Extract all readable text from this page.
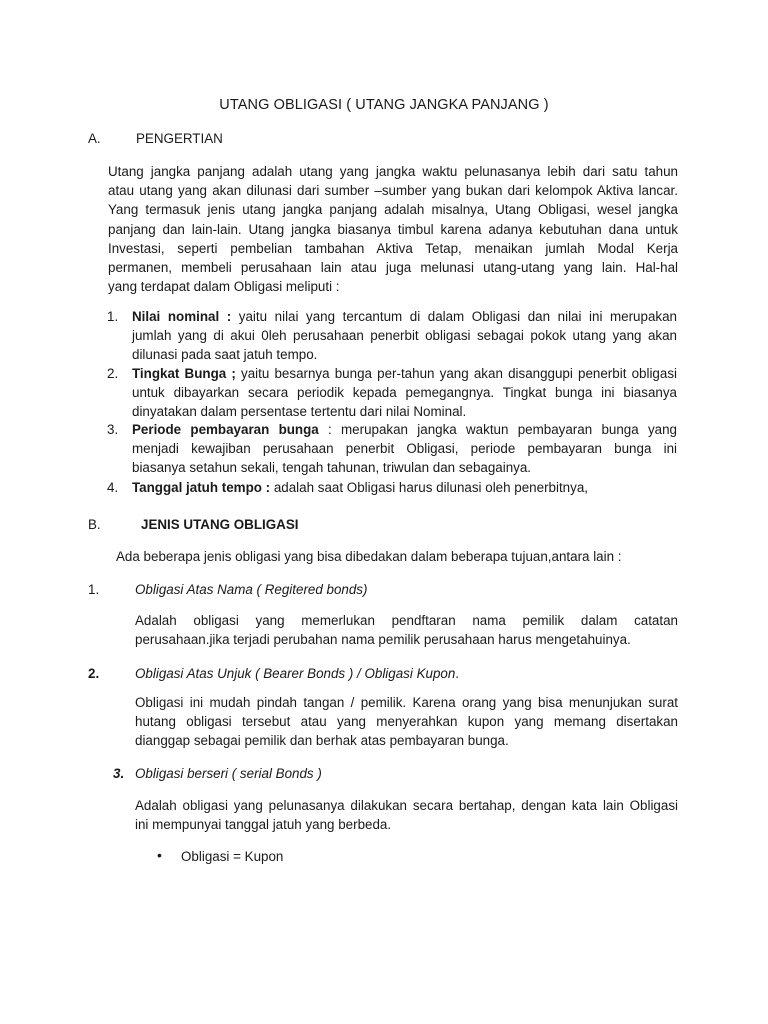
UTANG OBLIGASI ( UTANG JANGKA PANJANG )
A.	PENGERTIAN
Utang jangka panjang adalah utang yang jangka waktu pelunasanya lebih dari satu tahun
atau utang yang akan dilunasi dari sumber –sumber yang bukan dari kelompok Aktiva lancar.
Yang termasuk jenis utang jangka panjang adalah misalnya, Utang Obligasi, wesel jangka
panjang dan lain-lain. Utang jangka biasanya timbul karena adanya kebutuhan dana untuk
Investasi, seperti pembelian tambahan Aktiva Tetap, menaikan jumlah Modal Kerja
permanen, membeli perusahaan lain atau juga melunasi utang-utang yang lain. Hal-hal
yang terdapat dalam Obligasi meliputi :
1. Nilai nominal : yaitu nilai yang tercantum di dalam Obligasi dan nilai ini merupakan
jumlah yang di akui 0leh perusahaan penerbit obligasi sebagai pokok utang yang akan
dilunasi pada saat jatuh tempo.
2. Tingkat Bunga ; yaitu besarnya bunga per-tahun yang akan disanggupi penerbit obligasi
untuk dibayarkan secara periodik kepada pemegangnya. Tingkat bunga ini biasanya
dinyatakan dalam persentase tertentu dari nilai Nominal.
3. Periode pembayaran bunga : merupakan jangka waktun pembayaran bunga yang
menjadi kewajiban perusahaan penerbit Obligasi, periode pembayaran bunga ini
biasanya setahun sekali, tengah tahunan, triwulan dan sebagainya.
4. Tanggal jatuh tempo : adalah saat Obligasi harus dilunasi oleh penerbitnya,
B.	JENIS UTANG OBLIGASI
Ada beberapa jenis obligasi yang bisa dibedakan dalam beberapa tujuan,antara lain :
1.	Obligasi Atas Nama ( Regitered bonds)
Adalah obligasi yang memerlukan pendftaran nama pemilik dalam catatan
perusahaan.jika terjadi perubahan nama pemilik perusahaan harus mengetahuinya.
2.	Obligasi Atas Unjuk ( Bearer Bonds ) / Obligasi Kupon.
Obligasi ini mudah pindah tangan / pemilik. Karena orang yang bisa menunjukan surat
hutang obligasi tersebut atau yang menyerahkan kupon yang memang disertakan
dianggap sebagai pemilik dan berhak atas pembayaran bunga.
3. Obligasi berseri ( serial Bonds )
Adalah obligasi yang pelunasanya dilakukan secara bertahap, dengan kata lain Obligasi
ini mempunyai tanggal jatuh yang berbeda.
• Obligasi = Kupon
